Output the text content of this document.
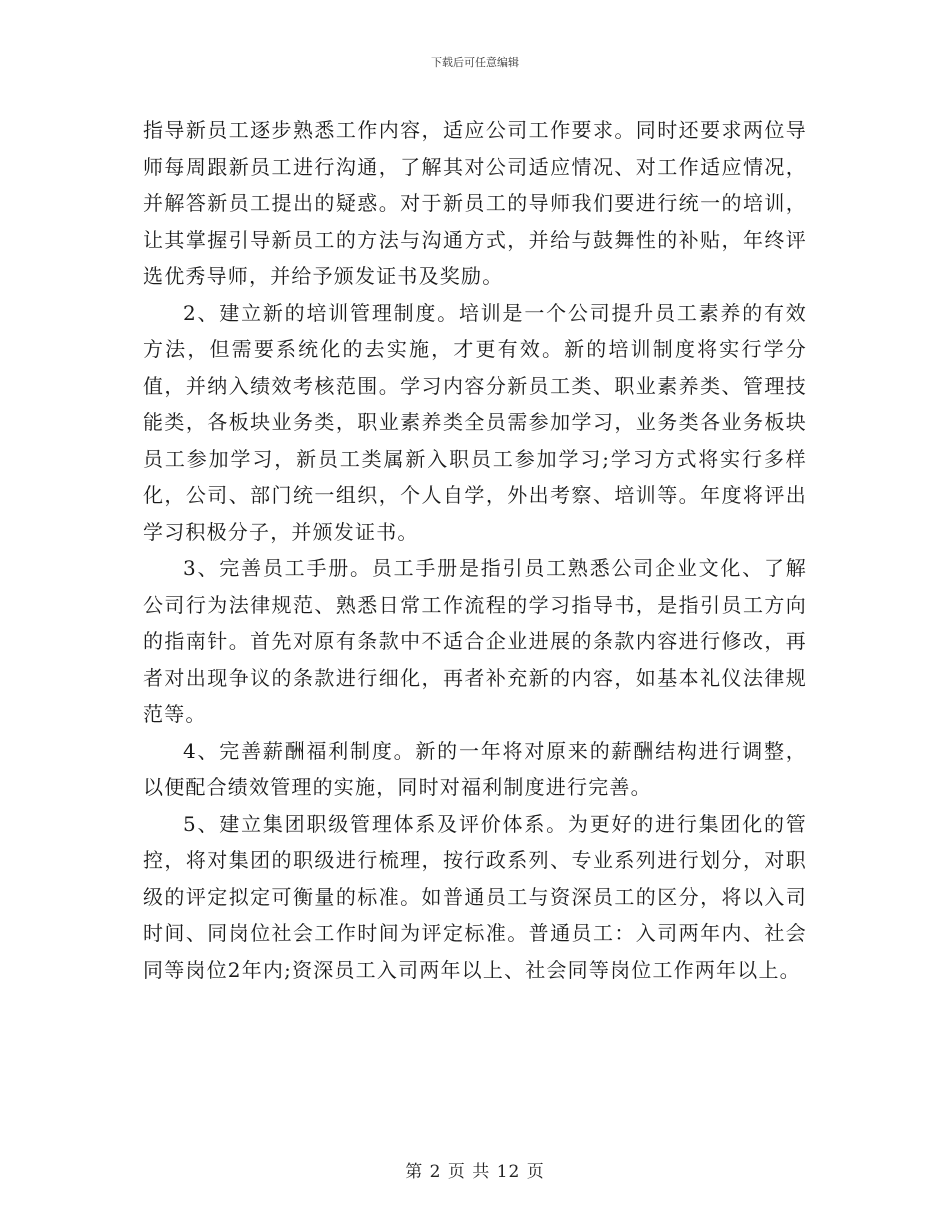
下载后可任意编辑

指导新员工逐步熟悉工作内容，适应公司工作要求。同时还要求两位导师每周跟新员工进行沟通，了解其对公司适应情况、对工作适应情况，并解答新员工提出的疑惑。对于新员工的导师我们要进行统一的培训，让其掌握引导新员工的方法与沟通方式，并给与鼓舞性的补贴，年终评选优秀导师，并给予颁发证书及奖励。

2、建立新的培训管理制度。培训是一个公司提升员工素养的有效方法，但需要系统化的去实施，才更有效。新的培训制度将实行学分值，并纳入绩效考核范围。学习内容分新员工类、职业素养类、管理技能类，各板块业务类，职业素养类全员需参加学习，业务类各业务板块员工参加学习，新员工类属新入职员工参加学习;学习方式将实行多样化，公司、部门统一组织，个人自学，外出考察、培训等。年度将评出学习积极分子，并颁发证书。

3、完善员工手册。员工手册是指引员工熟悉公司企业文化、了解公司行为法律规范、熟悉日常工作流程的学习指导书，是指引员工方向的指南针。首先对原有条款中不适合企业进展的条款内容进行修改，再者对出现争议的条款进行细化，再者补充新的内容，如基本礼仪法律规范等。

4、完善薪酬福利制度。新的一年将对原来的薪酬结构进行调整，以便配合绩效管理的实施，同时对福利制度进行完善。

5、建立集团职级管理体系及评价体系。为更好的进行集团化的管控，将对集团的职级进行梳理，按行政系列、专业系列进行划分，对职级的评定拟定可衡量的标准。如普通员工与资深员工的区分，将以入司时间、同岗位社会工作时间为评定标准。普通员工：入司两年内、社会同等岗位2年内;资深员工入司两年以上、社会同等岗位工作两年以上。

第 2 页 共 12 页
